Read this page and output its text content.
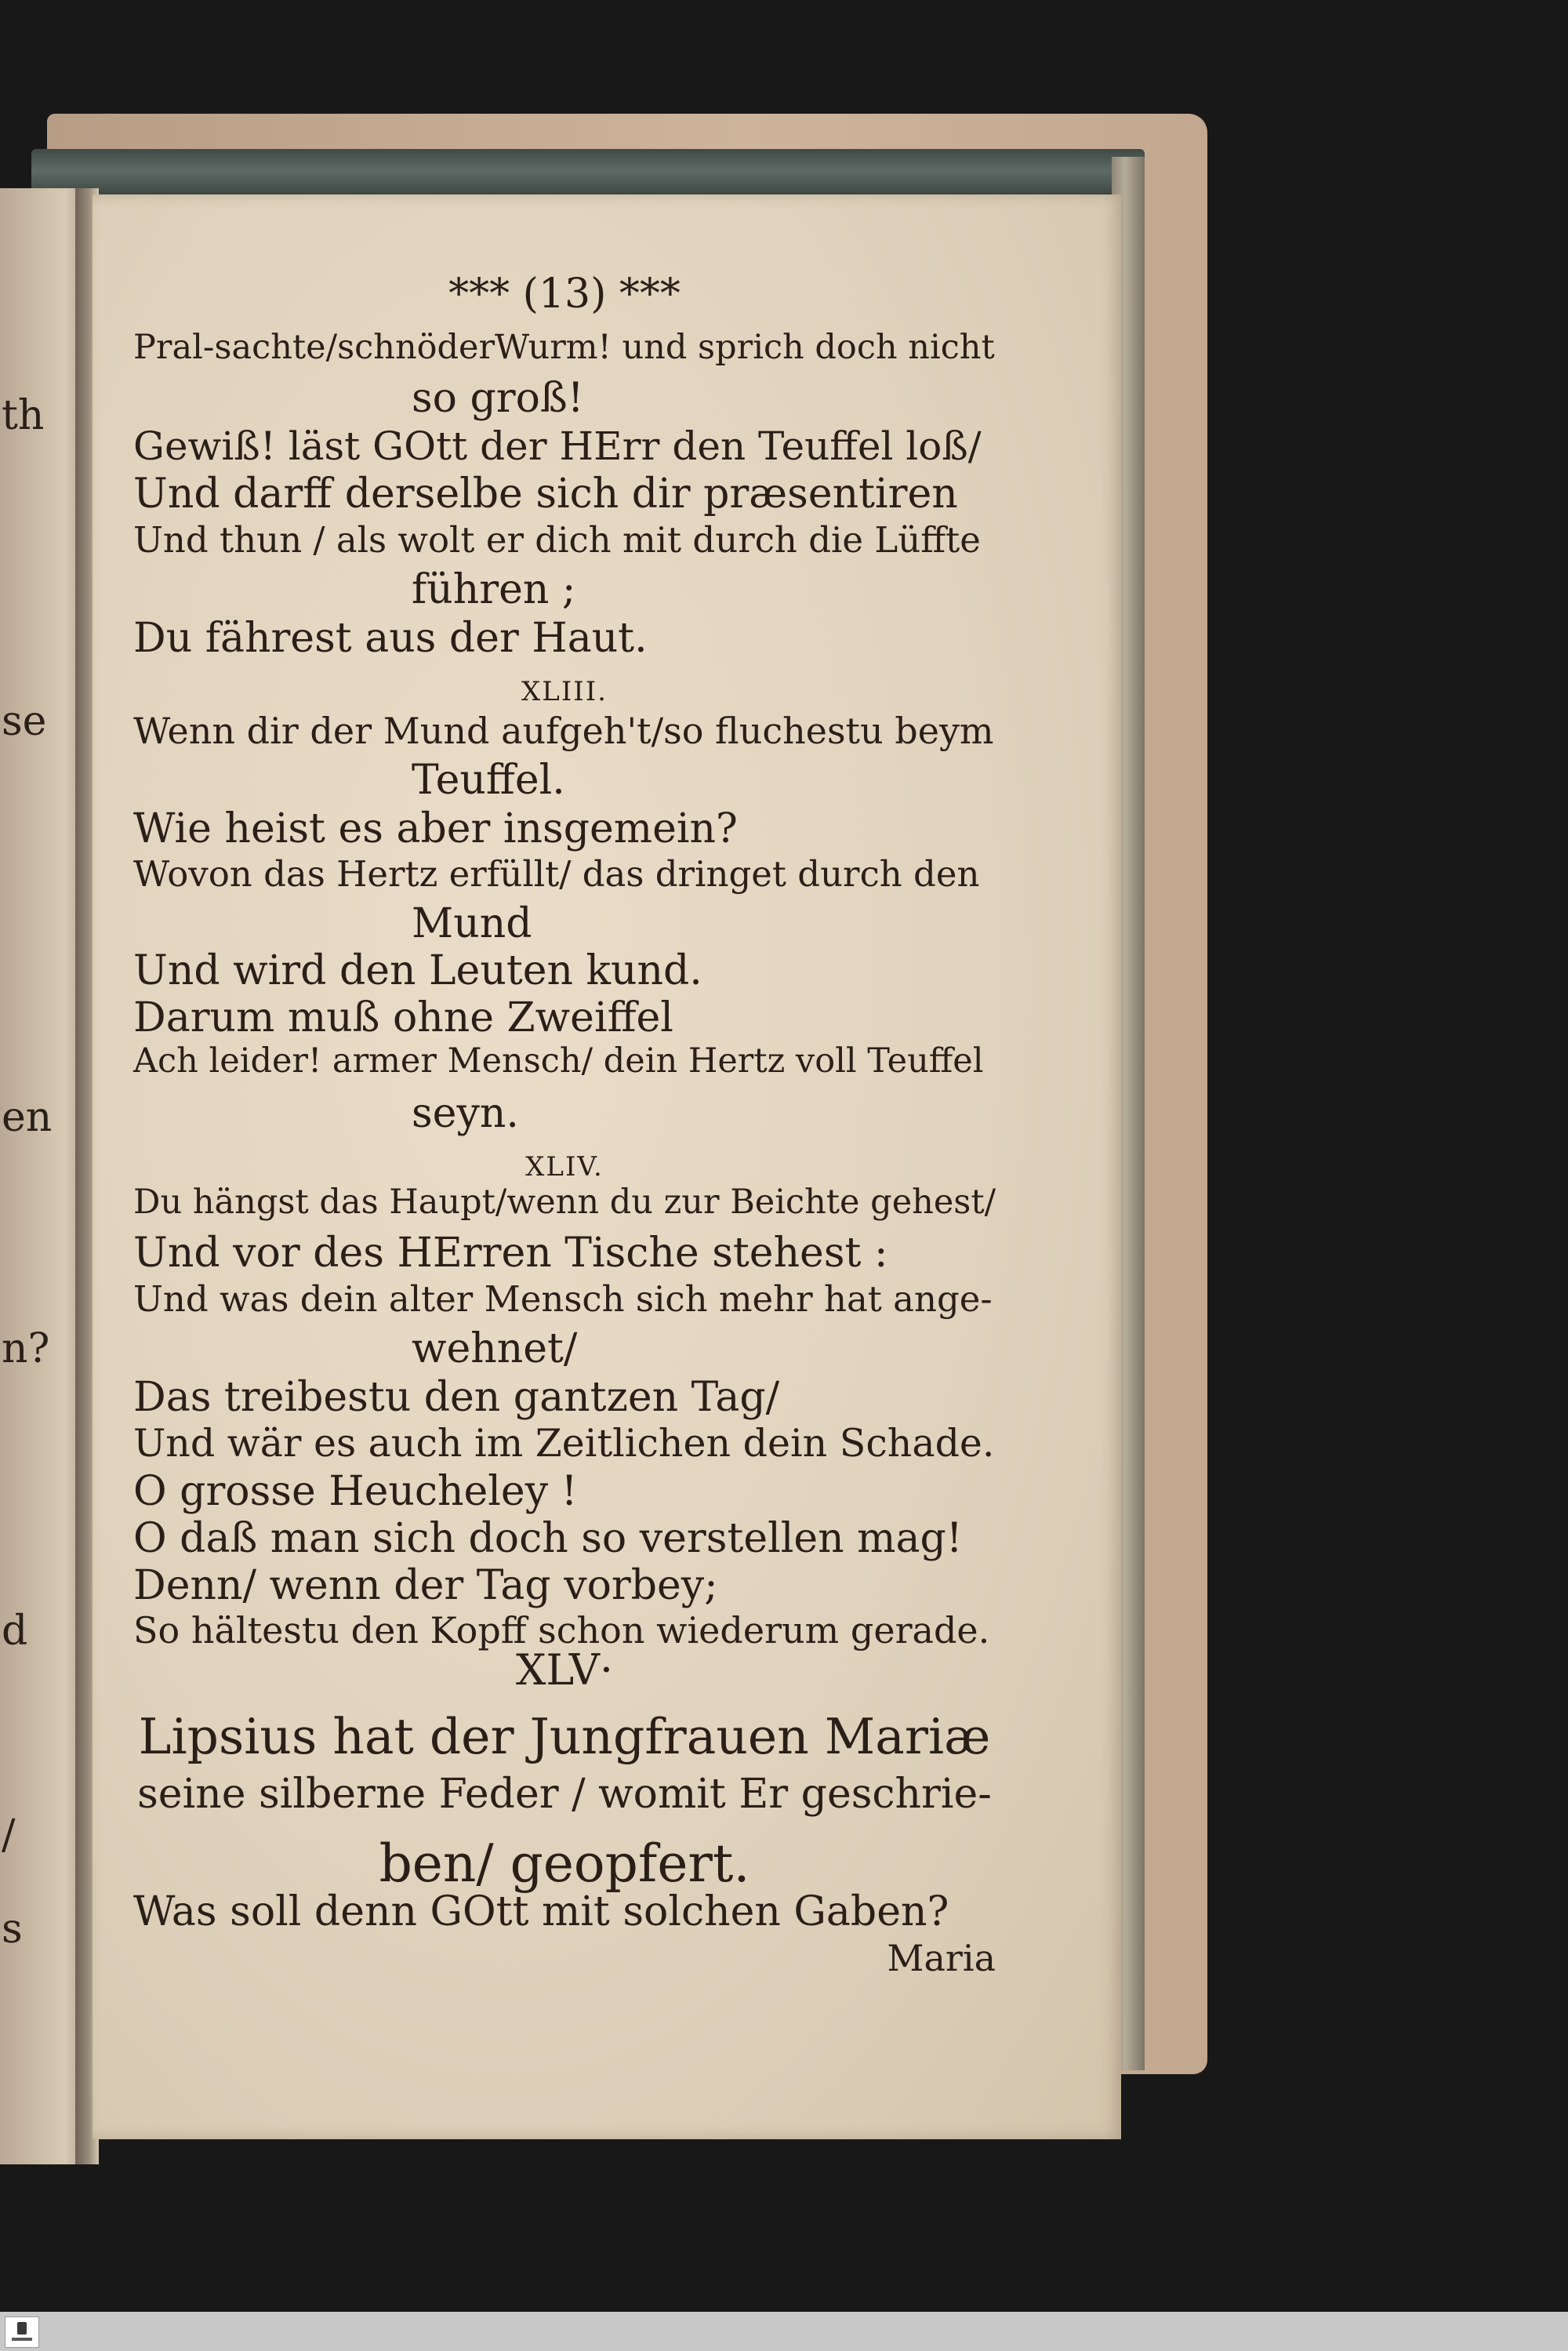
th
se
en
n?
d
/
s
*** (13) ***
Pral-sachte/schnöderWurm! und sprich doch nicht
so groß!
Gewiß! läst GOtt der HErr den Teuffel loß/
Und darff derselbe sich dir præsentiren
Und thun / als wolt er dich mit durch die Lüffte
führen ;
Du fährest aus der Haut.
XLIII.
Wenn dir der Mund aufgeh't/so fluchestu beym
Teuffel.
Wie heist es aber insgemein?
Wovon das Hertz erfüllt/ das dringet durch den
Mund
Und wird den Leuten kund.
Darum muß ohne Zweiffel
Ach leider! armer Mensch/ dein Hertz voll Teuffel
seyn.
XLIV.
Du hängst das Haupt/wenn du zur Beichte gehest/
Und vor des HErren Tische stehest :
Und was dein alter Mensch sich mehr hat ange-
wehnet/
Das treibestu den gantzen Tag/
Und wär es auch im Zeitlichen dein Schade.
O grosse Heucheley !
O daß man sich doch so verstellen mag!
Denn/ wenn der Tag vorbey;
So hältestu den Kopff schon wiederum gerade.
XLV·
Lipsius hat der Jungfrauen Mariæ
seine silberne Feder / womit Er geschrie-
ben/ geopfert.
Was soll denn GOtt mit solchen Gaben?
Maria
